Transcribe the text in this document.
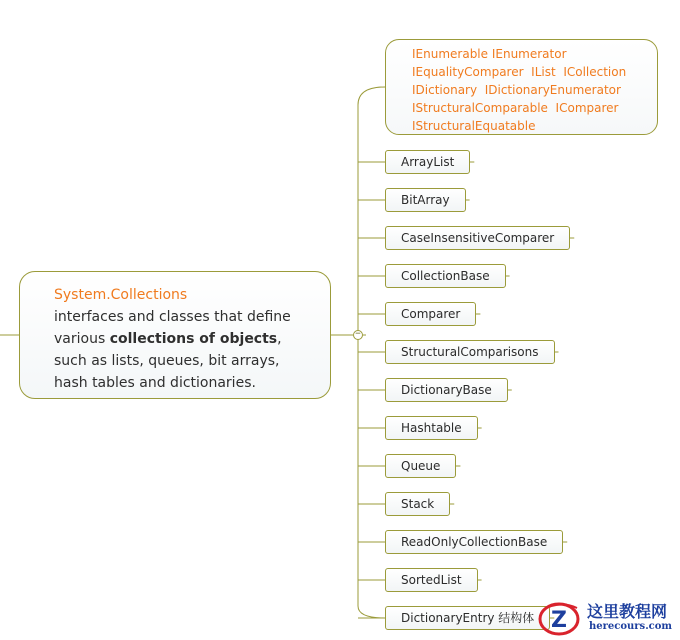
System.Collections
interfaces and classes that define
various collections of objects,
such as lists, queues, bit arrays,
hash tables and dictionaries.
−
IEnumerable IEnumerator
IEqualityComparer  IList  ICollection
IDictionary  IDictionaryEnumerator
IStructuralComparable  IComparer
IStructuralEquatable
ArrayList
BitArray
CaseInsensitiveComparer
CollectionBase
Comparer
StructuralComparisons
DictionaryBase
Hashtable
Queue
Stack
ReadOnlyCollectionBase
SortedList
DictionaryEntry 结构体 Z 这里教程网
herecours.com
